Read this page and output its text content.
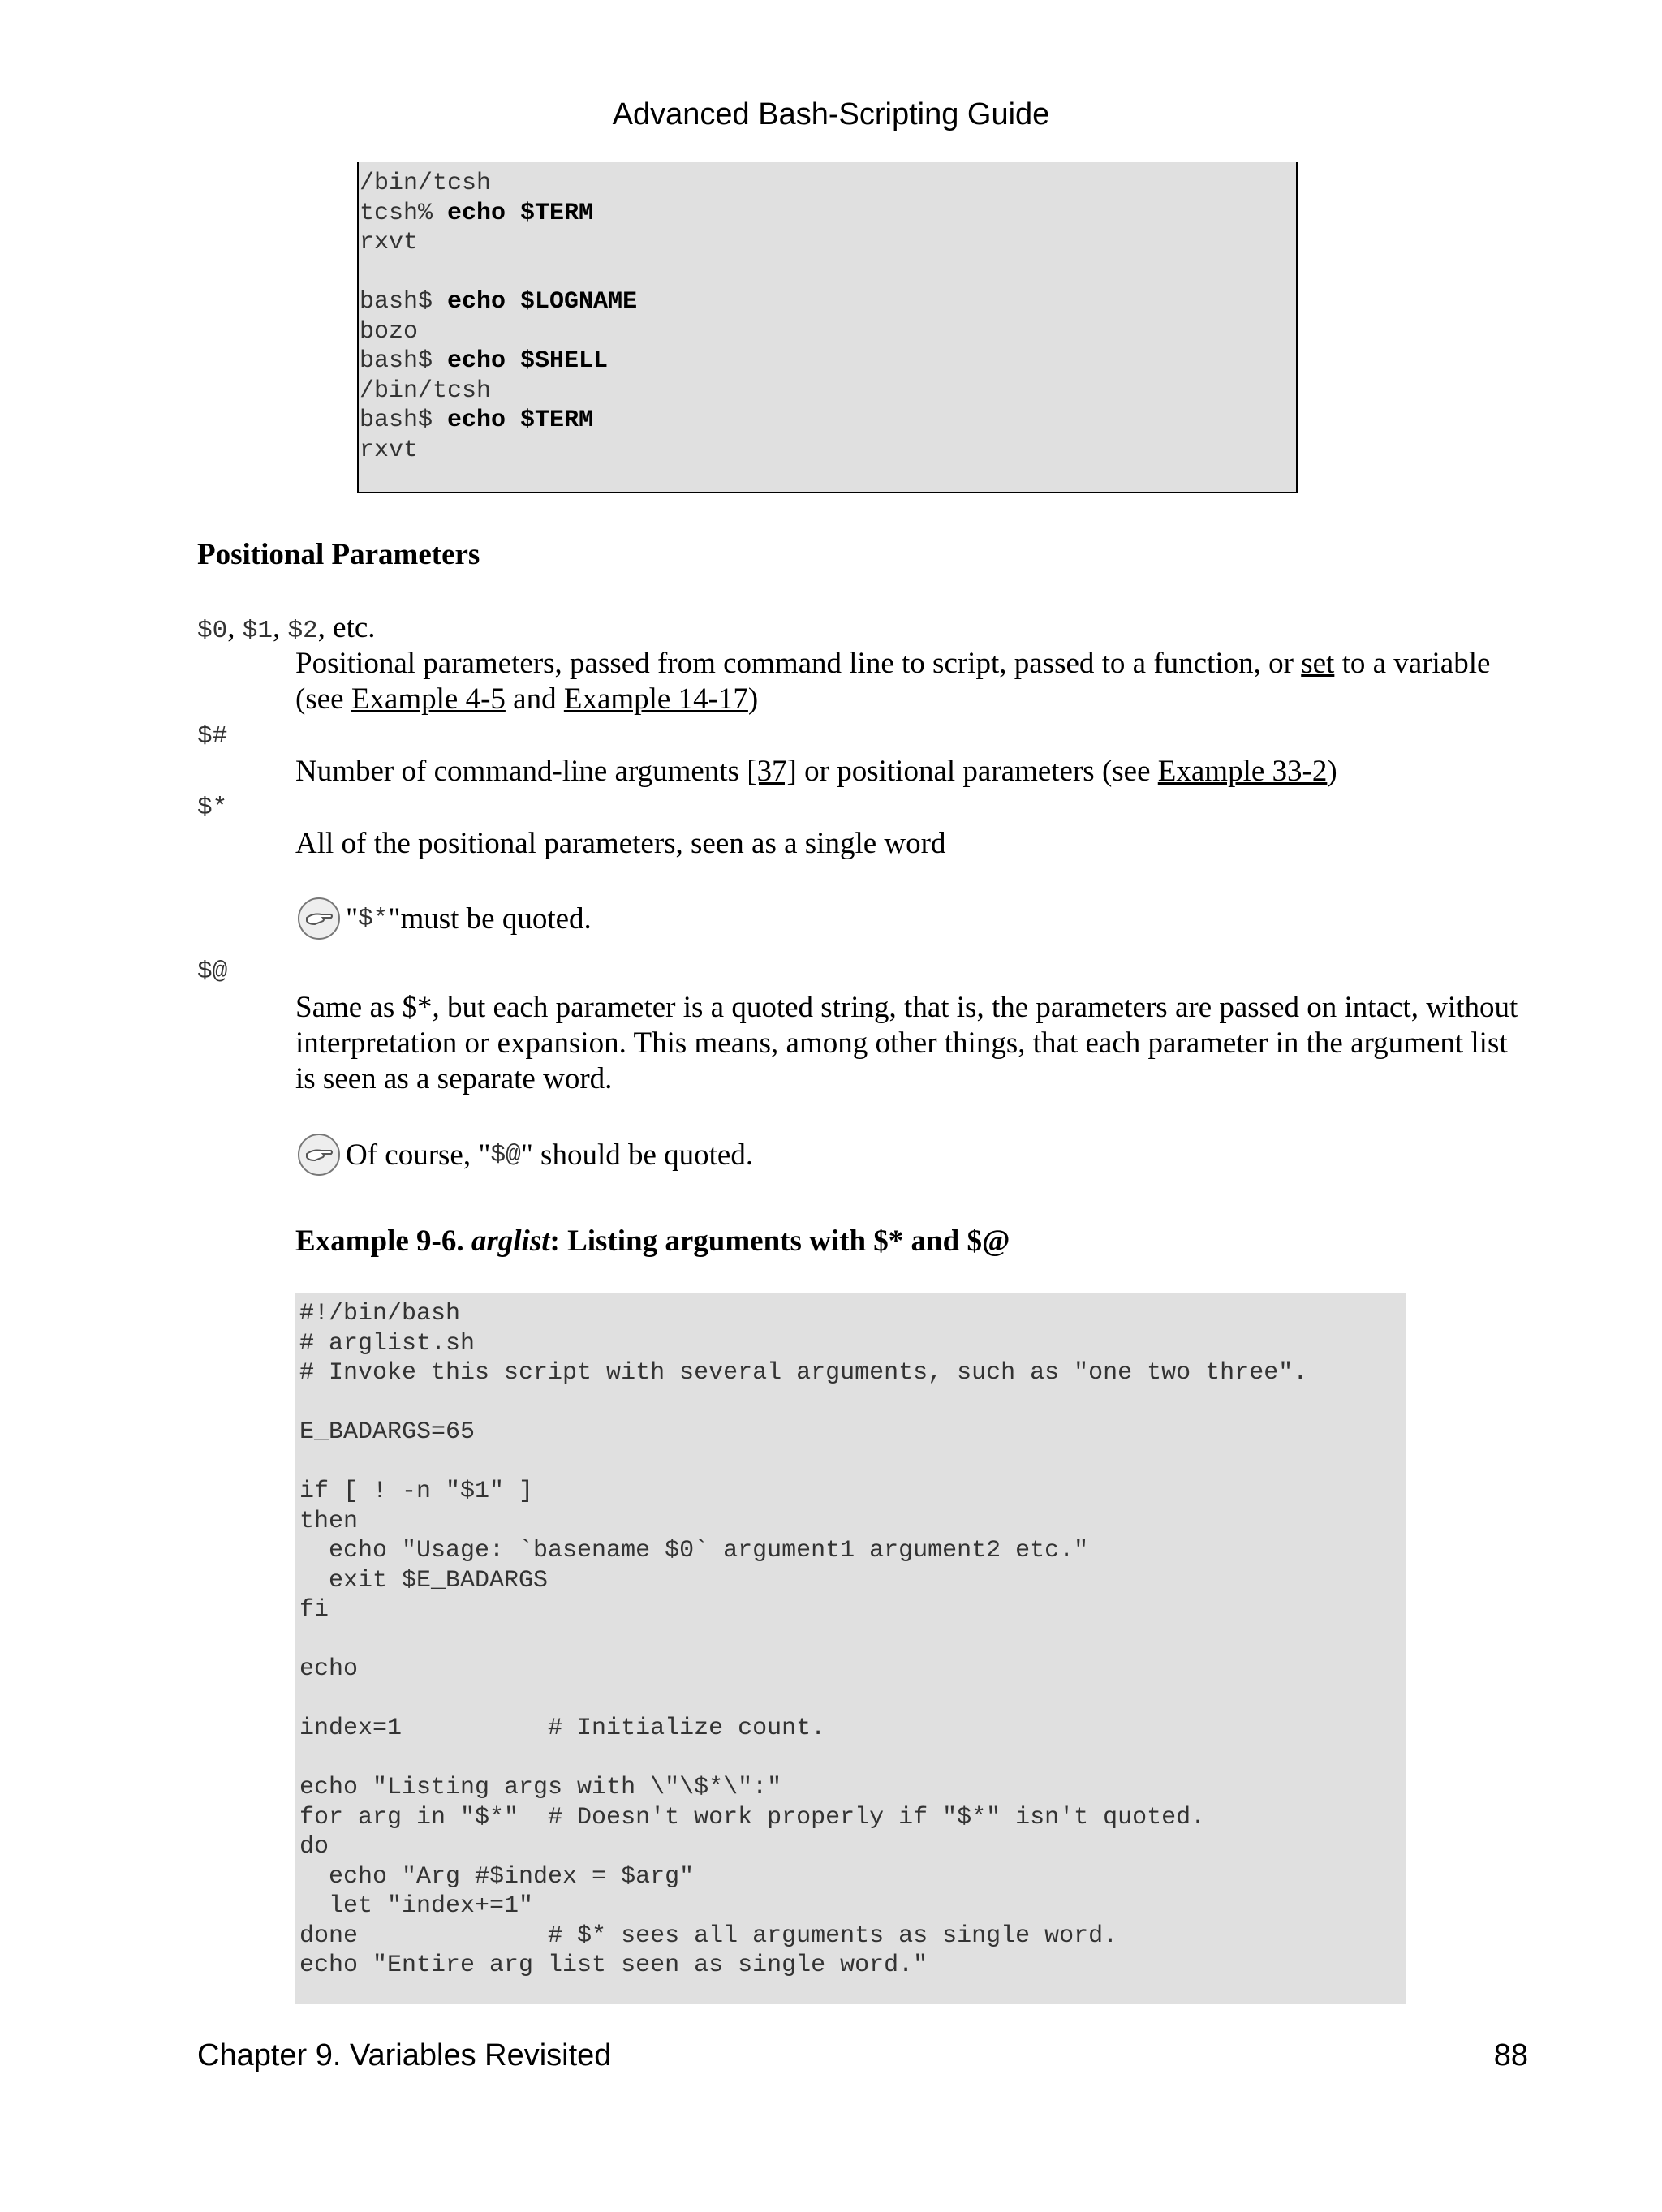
Advanced Bash-Scripting Guide
/bin/tcsh
tcsh% echo $TERM
rxvt
bash$ echo $LOGNAME
bozo
bash$ echo $SHELL
/bin/tcsh
bash$ echo $TERM
rxvt
Positional Parameters
$0, $1, $2, etc.
Positional parameters, passed from command line to script, passed to a function, or set to a variable
(see Example 4-5 and Example 14-17)
$#
Number of command-line arguments [37] or positional parameters (see Example 33-2)
$*
All of the positional parameters, seen as a single word
" $* " must be quoted.
$@
Same as $*, but each parameter is a quoted string, that is, the parameters are passed on intact, without
interpretation or expansion. This means, among other things, that each parameter in the argument list
is seen as a separate word.
Of course, " $@ " should be quoted.
Example 9-6. arglist: Listing arguments with $* and $@
#!/bin/bash
# arglist.sh
# Invoke this script with several arguments, such as "one two three".
E_BADARGS=65
if [ ! -n "$1" ]
then
echo "Usage: `basename $0` argument1 argument2 etc."
exit $E_BADARGS
fi
echo
index=1          # Initialize count.
echo "Listing args with \"\$*\":"
for arg in "$*"  # Doesn't work properly if "$*" isn't quoted.
do
echo "Arg #$index = $arg"
let "index+=1"
done             # $* sees all arguments as single word.
echo "Entire arg list seen as single word."
Chapter 9. Variables Revisited	88
